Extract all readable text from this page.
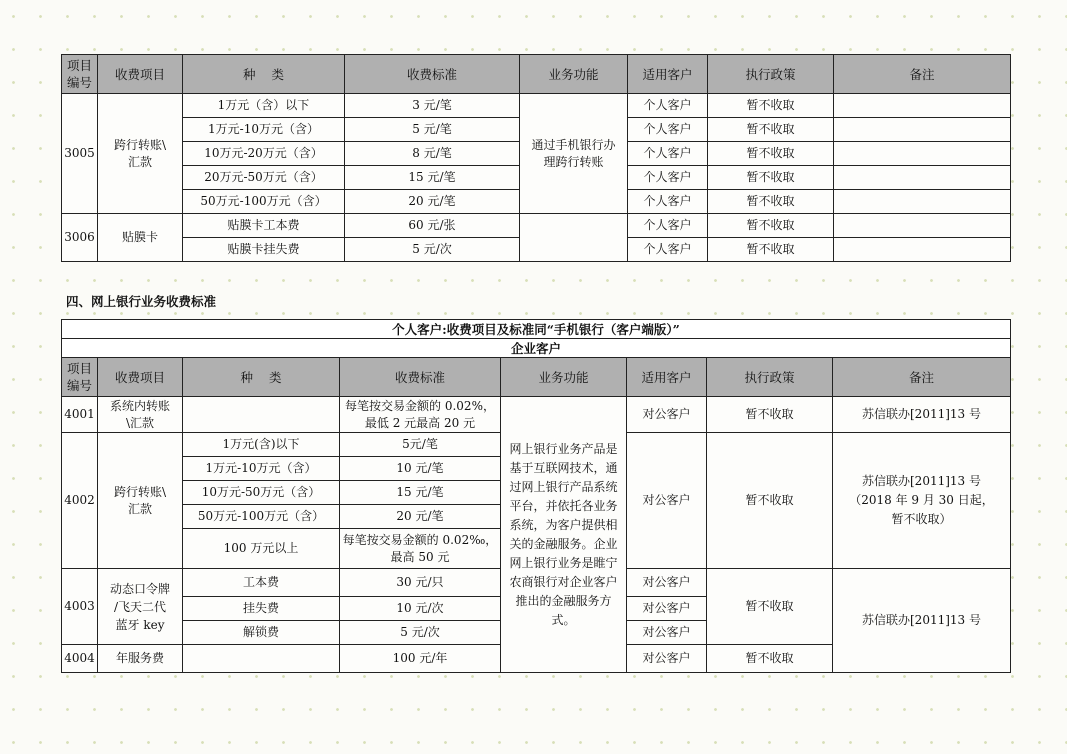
项目
编号	收费项目	种    类	收费标准	业务功能	适用客户	执行政策	备注
3005	跨行转账\
汇款	1万元（含）以下	3 元/笔	通过手机银行办
理跨行转账	个人客户	暂不收取	
		1万元-10万元（含）	5 元/笔		个人客户	暂不收取	
		10万元-20万元（含）	8 元/笔		个人客户	暂不收取	
		20万元-50万元（含）	15 元/笔		个人客户	暂不收取	
		50万元-100万元（含）	20 元/笔		个人客户	暂不收取	
3006	贴膜卡	贴膜卡工本费	60 元/张		个人客户	暂不收取	
		贴膜卡挂失费	5 元/次		个人客户	暂不收取	
四、网上银行业务收费标准
个人客户:收费项目及标准同“手机银行（客户端版）”							
企业客户							
项目
编号	收费项目	种    类	收费标准	业务功能	适用客户	执行政策	备注
4001	系统内转账
\汇款		每笔按交易金额的 0.02%，
最低 2 元最高 20 元	网上银行业务产品是基于互联网技术，通过网上银行产品系统平台，并依托各业务系统，为客户提供相关的金融服务。企业网上银行业务是睢宁农商银行对企业客户推出的金融服务方式。	对公客户	暂不收取	苏信联办[2011]13 号
4002	跨行转账\
汇款	1万元(含)以下	5元/笔		对公客户	暂不收取	苏信联办[2011]13 号
（2018 年 9 月 30 日起，
暂不收取）
		1万元-10万元（含）	10 元/笔				
		10万元-50万元（含）	15 元/笔				
		50万元-100万元（含）	20 元/笔				
		100 万元以上	每笔按交易金额的 0.02‰，
最高 50 元				
4003	动态口令牌
/飞天二代
蓝牙 key	工本费	30 元/只		对公客户	暂不收取	苏信联办[2011]13 号
		挂失费	10 元/次		对公客户		
		解锁费	5 元/次		对公客户		
4004	年服务费		100 元/年		对公客户	暂不收取	
